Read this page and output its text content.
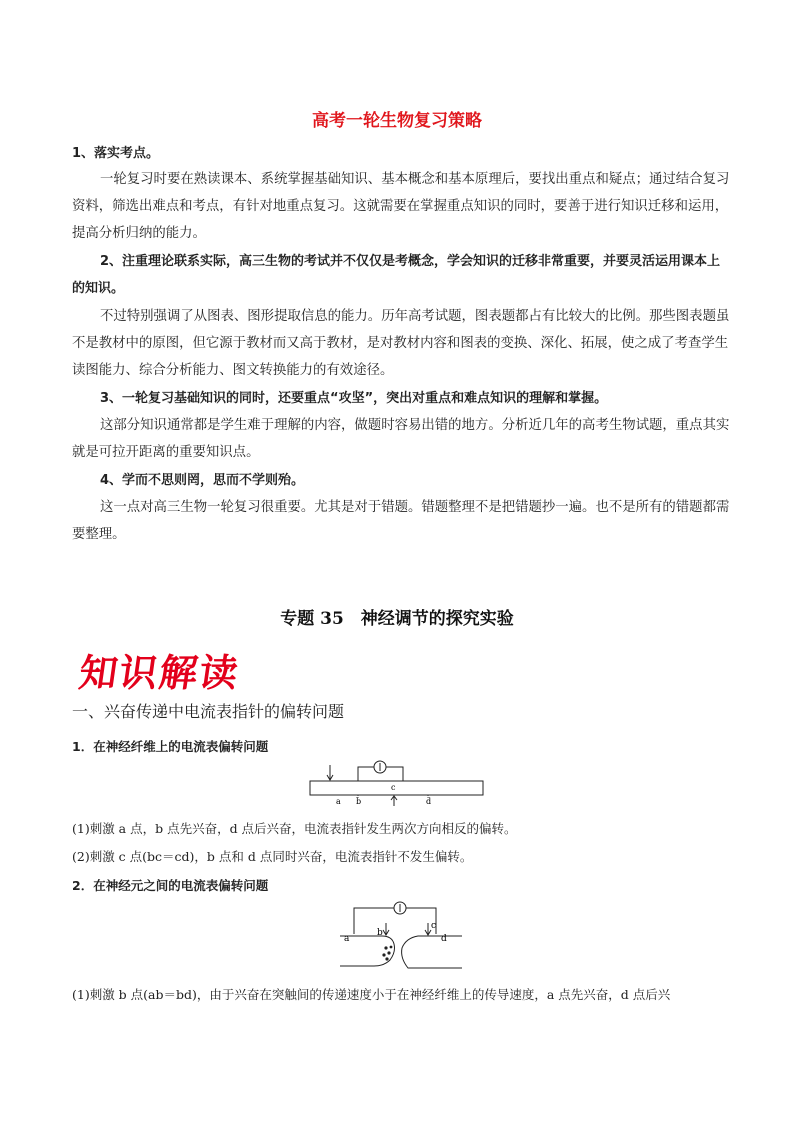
高考一轮生物复习策略
1、落实考点。
一轮复习时要在熟读课本、系统掌握基础知识、基本概念和基本原理后，要找出重点和疑点；通过结合复习资料，筛选出难点和考点，有针对地重点复习。这就需要在掌握重点知识的同时，要善于进行知识迁移和运用，提高分析归纳的能力。
2、注重理论联系实际，高三生物的考试并不仅仅是考概念，学会知识的迁移非常重要，并要灵活运用课本上的知识。
不过特别强调了从图表、图形提取信息的能力。历年高考试题，图表题都占有比较大的比例。那些图表题虽不是教材中的原图，但它源于教材而又高于教材，是对教材内容和图表的变换、深化、拓展，使之成了考查学生读图能力、综合分析能力、图文转换能力的有效途径。
3、一轮复习基础知识的同时，还要重点“攻坚”，突出对重点和难点知识的理解和掌握。
这部分知识通常都是学生难于理解的内容，做题时容易出错的地方。分析近几年的高考生物试题，重点其实就是可拉开距离的重要知识点。
4、学而不思则罔，思而不学则殆。
这一点对高三生物一轮复习很重要。尤其是对于错题。错题整理不是把错题抄一遍。也不是所有的错题都需要整理。
专题 35　神经调节的探究实验
知识解读
一、兴奋传递中电流表指针的偏转问题
1．在神经纤维上的电流表偏转问题
a b
c
d
(1)刺激 a 点，b 点先兴奋，d 点后兴奋，电流表指针发生两次方向相反的偏转。
(2)刺激 c 点(bc＝cd)，b 点和 d 点同时兴奋，电流表指针不发生偏转。
2．在神经元之间的电流表偏转问题
a
b
c
d
(1)刺激 b 点(ab＝bd)，由于兴奋在突触间的传递速度小于在神经纤维上的传导速度，a 点先兴奋，d 点后兴
